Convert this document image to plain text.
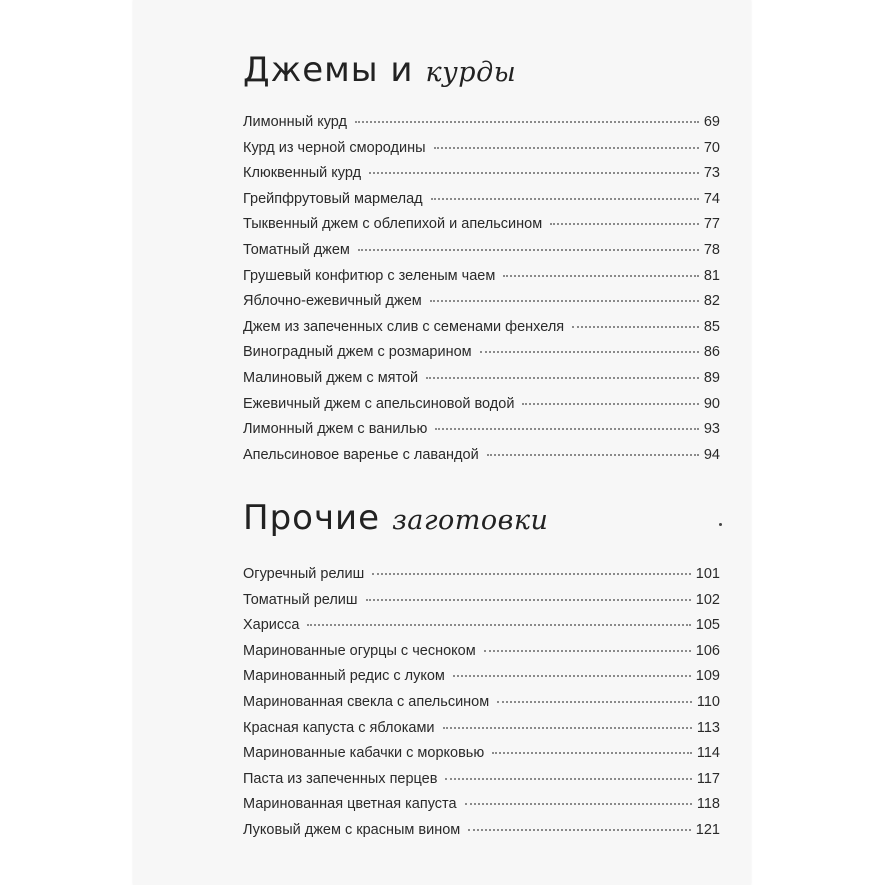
Джемы и курды
Лимонный курд	69
Курд из черной смородины	70
Клюквенный курд	73
Грейпфрутовый мармелад	74
Тыквенный джем с облепихой и апельсином	77
Томатный джем	78
Грушевый конфитюр с зеленым чаем	81
Яблочно-ежевичный джем	82
Джем из запеченных слив с семенами фенхеля	85
Виноградный джем с розмарином	86
Малиновый джем с мятой	89
Ежевичный джем с апельсиновой водой	90
Лимонный джем с ванилью	93
Апельсиновое варенье с лавандой	94
Прочие заготовки
Огуречный релиш	101
Томатный релиш	102
Харисса	105
Маринованные огурцы с чесноком	106
Маринованный редис с луком	109
Маринованная свекла с апельсином	110
Красная капуста с яблоками	113
Маринованные кабачки с морковью	114
Паста из запеченных перцев	117
Маринованная цветная капуста	118
Луковый джем с красным вином	121
